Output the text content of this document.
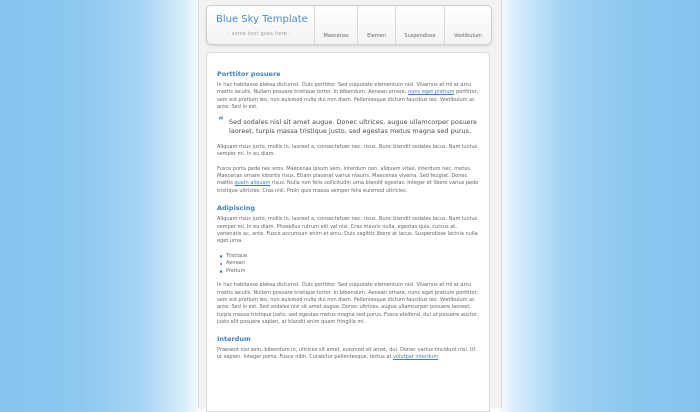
Blue Sky Template
- some text goes here -	Maecenas	Elemen	Suspendisse	Vestibulum
Porttitor posuere

In hac habitasse platea dictumst. Duis porttitor. Sed vulputate elementum nisl. Vivamus et mi at arcu mattis iaculis. Nullam posuere tristique tortor. In bibendum. Aenean ornare, nunc eget pretium porttitor, sem est pretium leo, non euismod nulla dui non diam. Pellentesque dictum faucibus leo. Vestibulum ac ante. Sed in est.

“ Sed sodales nisl sit amet augue. Donec ultrices, augue ullamcorper posuere laoreet, turpis massa tristique justo, sed egestas metus magna sed purus.

Aliquam risus justo, mollis in, laoreet a, consectetuer nec, risus. Nunc blandit sodales lacus. Nam luctus semper mi. In eu diam.

Fusce porta pede nec eros. Maecenas ipsum sem, interdum non, aliquam vitae, interdum nec, metus. Maecenas ornare lobortis risus. Etiam placerat varius mauris. Maecenas viverra. Sed feugiat. Donec mattis quam aliquam risus. Nulla non felis sollicitudin urna blandit egestas. Integer et libero varius pede tristique ultricies. Cras nisl. Proin quis massa semper felis euismod ultricies.

Adipiscing

Aliquam risus justo, mollis in, laoreet a, consectetuer nec, risus. Nunc blandit sodales lacus. Nam luctus semper mi. In eu diam. Phasellus rutrum elit vel nisi. Cras mauris nulla, egestas quis, cursus at, venenatis ac, ante. Fusce accumsan enim et arcu. Duis sagittis libero at lacus. Suspendisse lacinia nulla eget urna.

Tristique
Aenean
Pretium

In hac habitasse platea dictumst. Duis porttitor. Sed vulputate elementum nisl. Vivamus et mi at arcu mattis iaculis. Nullam posuere tristique tortor. In bibendum. Aenean ornare, nunc eget pretium porttitor, sem est pretium leo, non euismod nulla dui non diam. Pellentesque dictum faucibus leo. Vestibulum ac ante. Sed in est. Sed sodales nisl sit amet augue. Donec ultrices, augue ullamcorper posuere laoreet, turpis massa tristique justo, sed egestas metus magna sed purus. Fusce eleifend, dui ut posuere auctor, justo elit posuere sapien, at blandit enim quam fringilla mi.

Interdum

Praesent nisi sem, bibendum in, ultrices sit amet, euismod sit amet, dui. Donec varius tincidunt nisi. Ut ut sapien. Integer porta. Fusce nibh. Curabitur pellentesque, lectus at volutpat interdum
